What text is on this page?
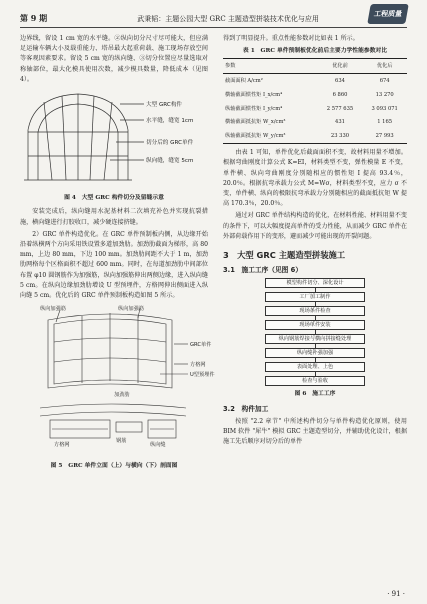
第 9 期	武秉韬：主题公园大型 GRC 主题造型拼装技术优化与应用
工程质量

边界线，留设 1 cm 宽的水平缝。②纵向切分尺寸尽可能大，但应满足运输车辆大小及载重能力、塔吊最大起重荷载、施工现场存放空间等客观因素要求。留设 5 cm 宽的纵向缝、③切分位置应尽量选取对称轴部位，最大化模具使用次数，减少模具数量，降低成本（见图 4）。

大型 GRC构件
水平缝，缝宽 1cm
切分后的 GRC单件
纵向缝，缝宽 5cm
图 4　大型 GRC 构件切分及留缝示意

安装完成后，纵向缝用水泥基材料二次填充补色并实现抗裂措施，横向缝进行打胶收口，减少硬连接挤缝。

2）GRC 单件构造优化。在 GRC 单件预制板内侧，从边缘开始沿着纵横两个方向采用铁设置多道加劲肋。加劲肋截面为梯形，高 80 mm，上边 80 mm，下边 100 mm。加劲肋间距不大于 1 m，加劲肋网格每个区格面积不超过 600 mm。同时，在每道加劲肋中间部位布置 φ10 圆钢筋作为加强筋，纵向加强筋伸出两侧边缘，进入纵向缝 5 cm。在纵向边缘加劲肋增设 U 型预埋件，方格网伸出侧面进入纵向缝 5 cm。优化后的 GRC 单件预制板构造如图 5 所示。

纵向加强筋	纵向加强筋
GRC单件
方格网
U型预埋件
加劲肋
方格网
钢筋
纵向缝
图 5　GRC 单件立面（上）与横向（下）剖面图

得到了明显提升。重点性能参数对比如表 1 所示。

表 1　GRC 单件预制板优化前后主要力学性能参数对比
参数	优化前	优化后
截面面积 A/cm²	634	674
横轴截面惯性矩 I_x/cm⁴	6 860	13 270
纵轴截面惯性矩 I_y/cm⁴	2 577 635	3 093 071
横轴截面抵抗矩 W_x/cm³	431	1 165
纵轴截面抵抗矩 W_y/cm³	23 330	27 993

由表 1 可知，单件优化后截面面积不变，故材料用量不增加。根据弯曲刚度计算公式 K=EI，材料类型不变，弹性模量 E 不变，单件横、纵向弯曲刚度分别随相应的惯性矩 I 提高 93.4％，20.0％。根据抗弯承载力公式 M=Wσ，材料类型不变，应力 σ 不变，单件横、纵向的极限抗弯承载力分别随相应的截面抵抗矩 W 提高 170.3％，20.0％。

通过对 GRC 单件结构构造的优化，在材料性能、材料用量不变的条件下，可以大幅度提高单件的受力性能，从而减少 GRC 单件在外部荷载作用下的变形，避而减少可能出现的开裂问题。

3　大型 GRC 主题造型拼装施工
3.1　施工工序（见图 6）
模型构件切分、深化设计
工厂加工制作
现场条件检查
现场单件安装
纵向钢筋焊接与横向拼接缝处理
纵向缝补强加强
表面处理、上色
检查与验收
图 6　施工工序
3.2　构件加工

按照 "2.2 章节" 中所述构件切分与单件构造优化原则，使用 BIM 软件 "犀牛" 模拟 GRC 主题造型切分，并辅助优化设计，根据施工先后顺序对切分后的单件

· 91 ·
